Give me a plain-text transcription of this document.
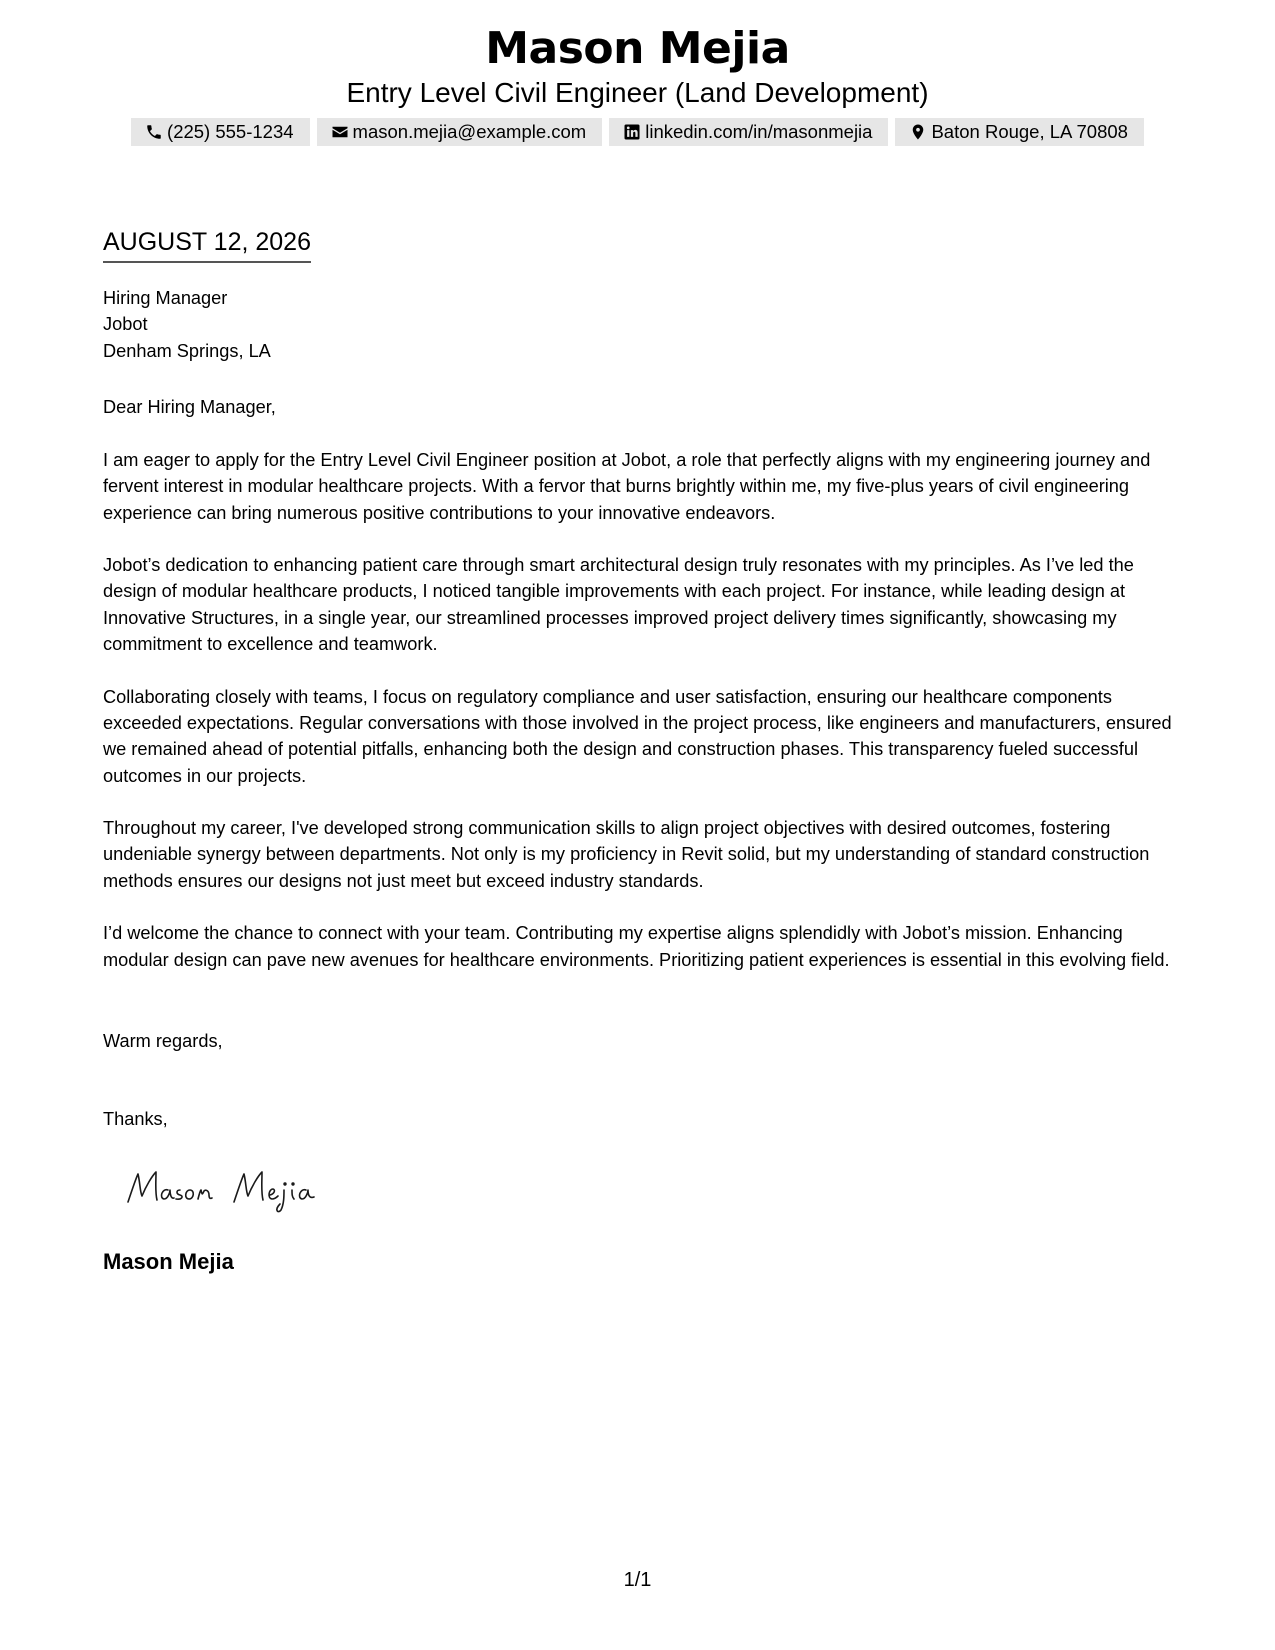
Mason Mejia
Entry Level Civil Engineer (Land Development)
(225) 555-1234	mason.mejia@example.com	linkedin.com/in/masonmejia	Baton Rouge, LA 70808
AUGUST 12, 2026
Hiring Manager
Jobot
Denham Springs, LA
Dear Hiring Manager,

I am eager to apply for the Entry Level Civil Engineer position at Jobot, a role that perfectly aligns with my engineering journey and fervent interest in modular healthcare projects. With a fervor that burns brightly within me, my five-plus years of civil engineering experience can bring numerous positive contributions to your innovative endeavors.

Jobot’s dedication to enhancing patient care through smart architectural design truly resonates with my principles. As I’ve led the design of modular healthcare products, I noticed tangible improvements with each project. For instance, while leading design at Innovative Structures, in a single year, our streamlined processes improved project delivery times significantly, showcasing my commitment to excellence and teamwork.

Collaborating closely with teams, I focus on regulatory compliance and user satisfaction, ensuring our healthcare components exceeded expectations. Regular conversations with those involved in the project process, like engineers and manufacturers, ensured we remained ahead of potential pitfalls, enhancing both the design and construction phases. This transparency fueled successful outcomes in our projects.

Throughout my career, I've developed strong communication skills to align project objectives with desired outcomes, fostering undeniable synergy between departments. Not only is my proficiency in Revit solid, but my understanding of standard construction methods ensures our designs not just meet but exceed industry standards.

I’d welcome the chance to connect with your team. Contributing my expertise aligns splendidly with Jobot’s mission. Enhancing modular design can pave new avenues for healthcare environments. Prioritizing patient experiences is essential in this evolving field.

Warm regards,
Thanks,
Mason Mejia
1/1
